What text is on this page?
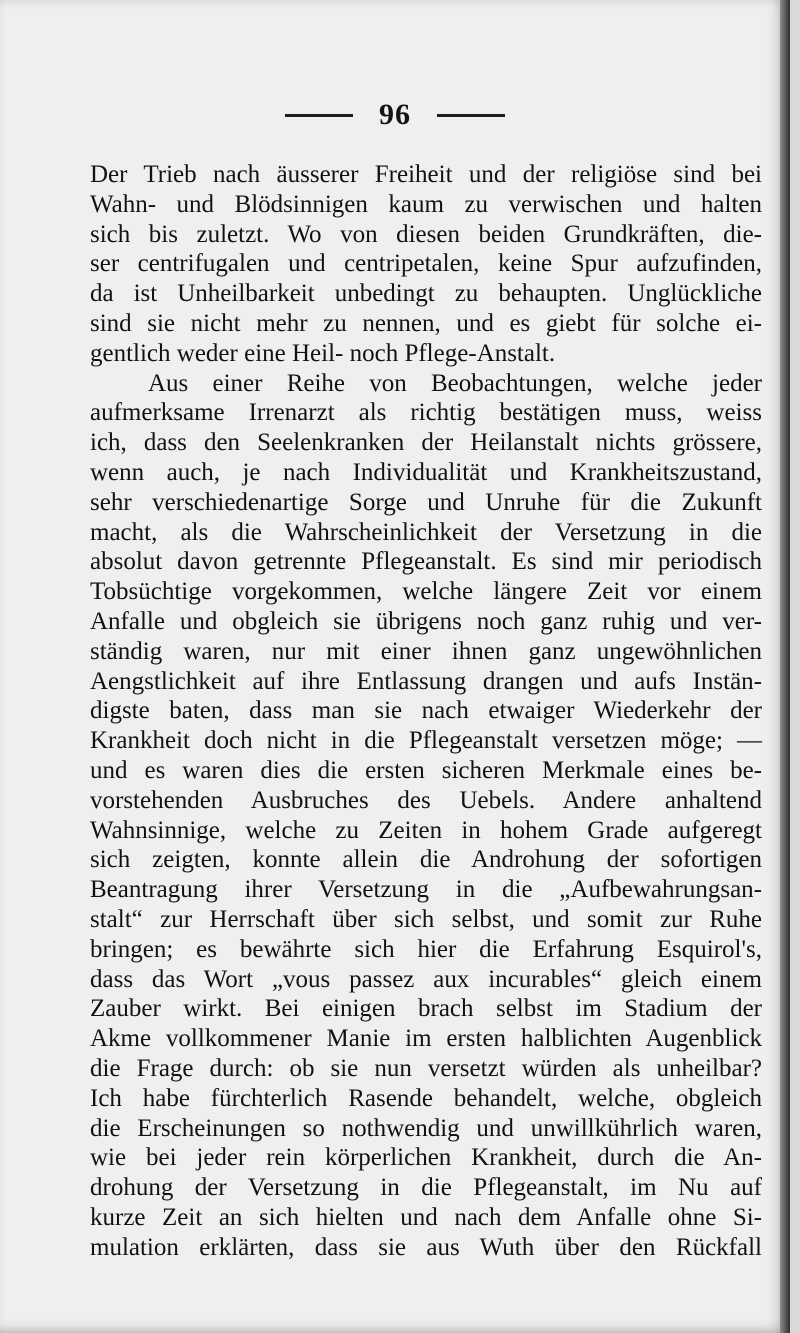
96
Der Trieb nach äusserer Freiheit und der religiöse sind bei
Wahn- und Blödsinnigen kaum zu verwischen und halten
sich bis zuletzt. Wo von diesen beiden Grundkräften, die-
ser centrifugalen und centripetalen, keine Spur aufzufinden,
da ist Unheilbarkeit unbedingt zu behaupten. Unglückliche
sind sie nicht mehr zu nennen, und es giebt für solche ei-
gentlich weder eine Heil- noch Pflege-Anstalt.
Aus einer Reihe von Beobachtungen, welche jeder
aufmerksame Irrenarzt als richtig bestätigen muss, weiss
ich, dass den Seelenkranken der Heilanstalt nichts grössere,
wenn auch, je nach Individualität und Krankheitszustand,
sehr verschiedenartige Sorge und Unruhe für die Zukunft
macht, als die Wahrscheinlichkeit der Versetzung in die
absolut davon getrennte Pflegeanstalt. Es sind mir periodisch
Tobsüchtige vorgekommen, welche längere Zeit vor einem
Anfalle und obgleich sie übrigens noch ganz ruhig und ver-
ständig waren, nur mit einer ihnen ganz ungewöhnlichen
Aengstlichkeit auf ihre Entlassung drangen und aufs Instän-
digste baten, dass man sie nach etwaiger Wiederkehr der
Krankheit doch nicht in die Pflegeanstalt versetzen möge; —
und es waren dies die ersten sicheren Merkmale eines be-
vorstehenden Ausbruches des Uebels. Andere anhaltend
Wahnsinnige, welche zu Zeiten in hohem Grade aufgeregt
sich zeigten, konnte allein die Androhung der sofortigen
Beantragung ihrer Versetzung in die „Aufbewahrungsan-
stalt“ zur Herrschaft über sich selbst, und somit zur Ruhe
bringen; es bewährte sich hier die Erfahrung Esquirol's,
dass das Wort „vous passez aux incurables“ gleich einem
Zauber wirkt. Bei einigen brach selbst im Stadium der
Akme vollkommener Manie im ersten halblichten Augenblick
die Frage durch: ob sie nun versetzt würden als unheilbar?
Ich habe fürchterlich Rasende behandelt, welche, obgleich
die Erscheinungen so nothwendig und unwillkührlich waren,
wie bei jeder rein körperlichen Krankheit, durch die An-
drohung der Versetzung in die Pflegeanstalt, im Nu auf
kurze Zeit an sich hielten und nach dem Anfalle ohne Si-
mulation erklärten, dass sie aus Wuth über den Rückfall
